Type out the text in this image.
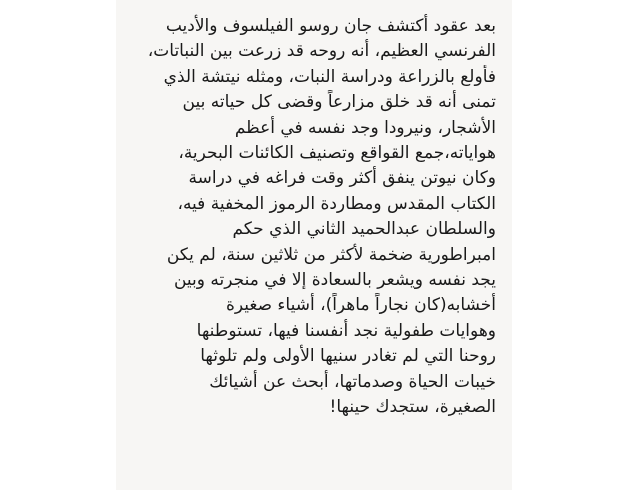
بعد عقود أكتشف جان روسو الفيلسوف والأديب
الفرنسي العظيم، أنه روحه قد زرعت بين النباتات،
فأولع بالزراعة ودراسة النبات، ومثله نيتشة الذي
تمنى أنه قد خلق مزارعاً وقضى كل حياته بين
الأشجار، ونيرودا وجد نفسه في أعظم
هواياته،جمع القواقع وتصنيف الكائنات البحرية،
وكان نيوتن ينفق أكثر وقت فراغه في دراسة
الكتاب المقدس ومطاردة الرموز المخفية فيه،
والسلطان عبدالحميد الثاني الذي حكم
امبراطورية ضخمة لأكثر من ثلاثين سنة، لم يكن
يجد نفسه ويشعر بالسعادة إلا في منجرته وبين
أخشابه(كان نجاراً ماهراً)، أشياء صغيرة
وهوايات طفولية نجد أنفسنا فيها، تستوطنها
روحنا التي لم تغادر سنيها الأولى ولم تلوثها
خيبات الحياة وصدماتها، أبحث عن أشيائك
الصغيرة، ستجدك حينها!
